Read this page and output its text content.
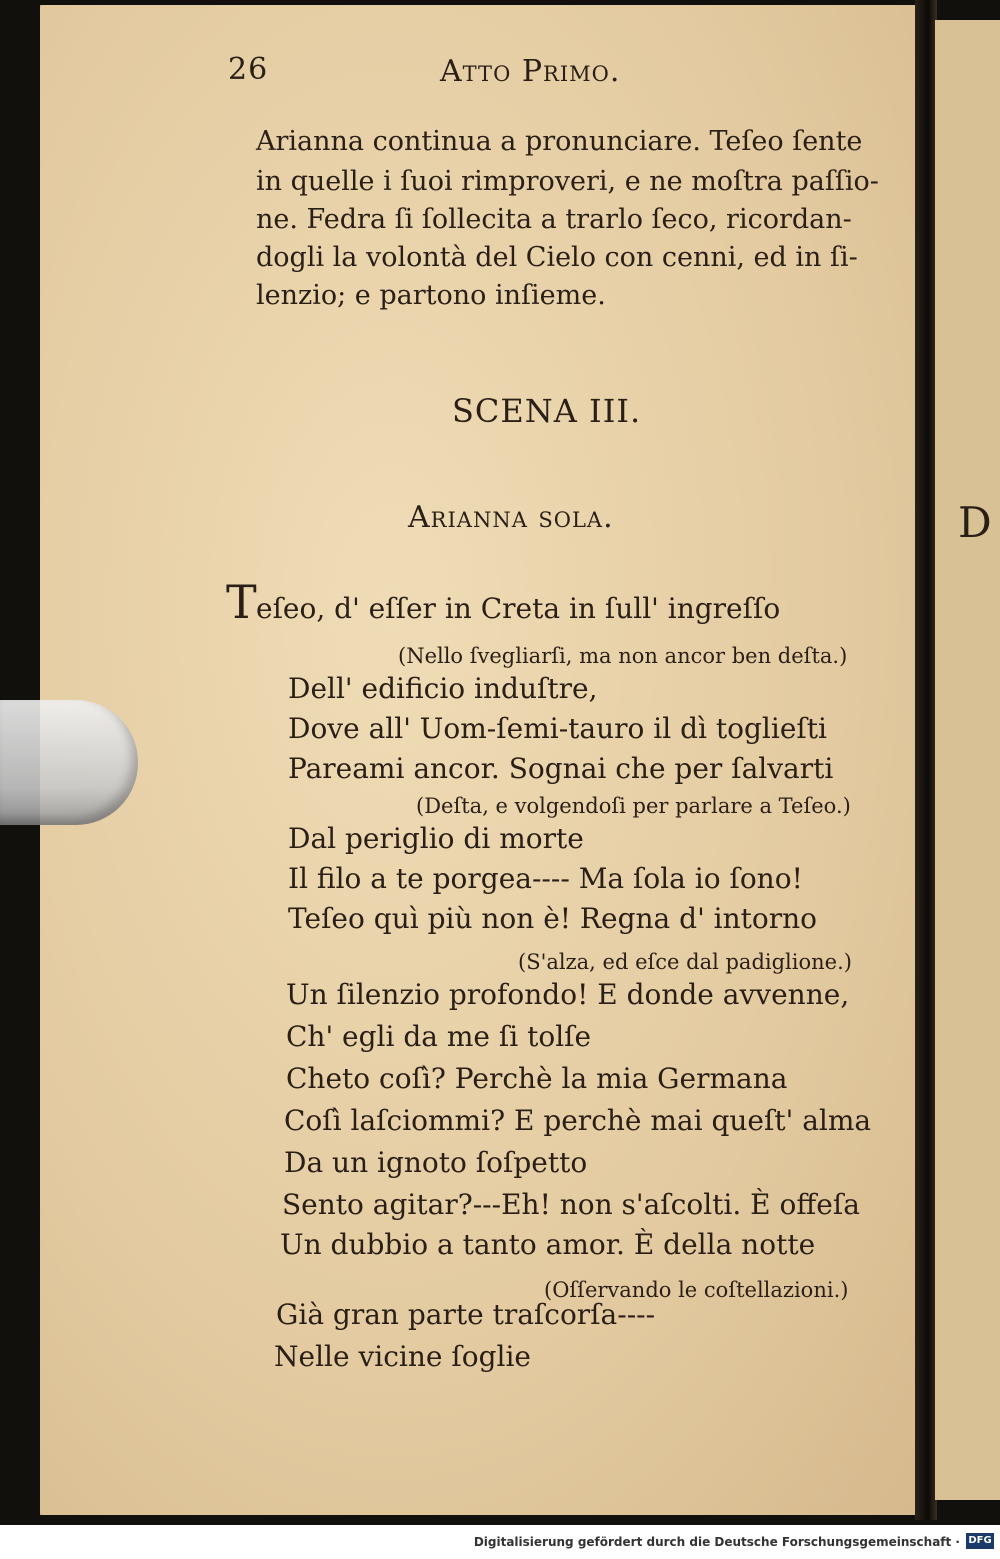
D
26	Atto Primo.
Arianna continua a pronunciare. Teſeo ſente
in quelle i ſuoi rimproveri, e ne moſtra paſſio-
ne. Fedra ſi ſollecita a trarlo ſeco, ricordan-
dogli la volontà del Cielo con cenni, ed in ſi-
lenzio; e partono inſieme.
SCENA III.
Arianna ſola.
T eſeo, d' eſſer in Creta in ſull' ingreſſo
(Nello ſvegliarſi, ma non ancor ben deſta.)
Dell' edificio induſtre,
Dove all' Uom-ſemi-tauro il dì toglieſti
Pareami ancor. Sognai che per ſalvarti
(Deſta, e volgendoſi per parlare a Teſeo.)
Dal periglio di morte
Il filo a te porgea---- Ma ſola io ſono!
Teſeo quì più non è! Regna d' intorno
(S'alza, ed eſce dal padiglione.)
Un ſilenzio profondo! E donde avvenne,
Ch' egli da me ſi tolſe
Cheto coſì? Perchè la mia Germana
Coſì laſciommi? E perchè mai queſt' alma
Da un ignoto ſoſpetto
Sento agitar?---Eh! non s'aſcolti. È offeſa
Un dubbio a tanto amor. È della notte
(Oſſervando le coſtellazioni.)
Già gran parte traſcorſa----
Nelle vicine ſoglie
Digitalisierung gefördert durch die Deutsche Forschungsgemeinschaft · DFG
